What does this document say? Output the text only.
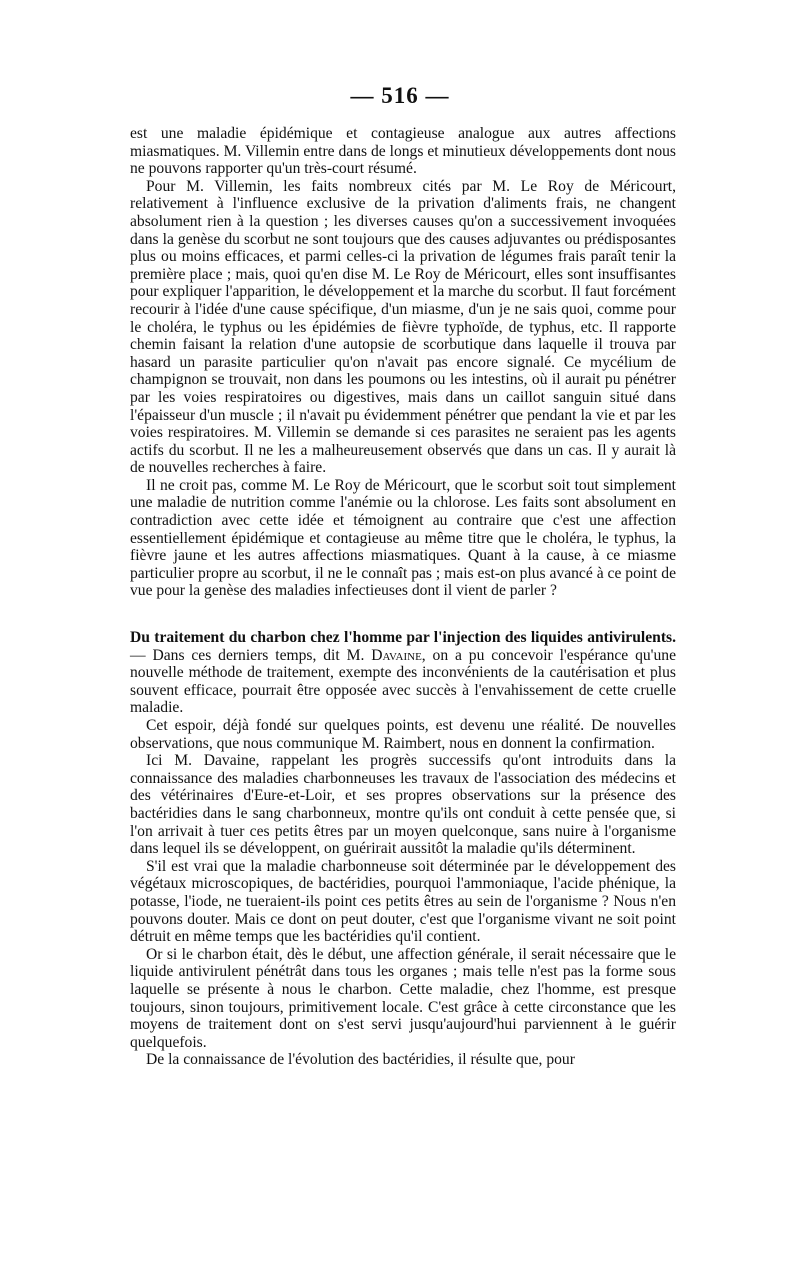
— 516 —

est une maladie épidémique et contagieuse analogue aux autres affections miasmatiques. M. Villemin entre dans de longs et minutieux développements dont nous ne pouvons rapporter qu'un très-court résumé.

Pour M. Villemin, les faits nombreux cités par M. Le Roy de Méricourt, relativement à l'influence exclusive de la privation d'aliments frais, ne changent absolument rien à la question ; les diverses causes qu'on a successivement invoquées dans la genèse du scorbut ne sont toujours que des causes adjuvantes ou prédisposantes plus ou moins efficaces, et parmi celles-ci la privation de légumes frais paraît tenir la première place ; mais, quoi qu'en dise M. Le Roy de Méricourt, elles sont insuffisantes pour expliquer l'apparition, le développement et la marche du scorbut. Il faut forcément recourir à l'idée d'une cause spécifique, d'un miasme, d'un je ne sais quoi, comme pour le choléra, le typhus ou les épidémies de fièvre typhoïde, de typhus, etc. Il rapporte chemin faisant la relation d'une autopsie de scorbutique dans laquelle il trouva par hasard un parasite particulier qu'on n'avait pas encore signalé. Ce mycélium de champignon se trouvait, non dans les poumons ou les intestins, où il aurait pu pénétrer par les voies respiratoires ou digestives, mais dans un caillot sanguin situé dans l'épaisseur d'un muscle ; il n'avait pu évidemment pénétrer que pendant la vie et par les voies respiratoires. M. Villemin se demande si ces parasites ne seraient pas les agents actifs du scorbut. Il ne les a malheureusement observés que dans un cas. Il y aurait là de nouvelles recherches à faire.

Il ne croit pas, comme M. Le Roy de Méricourt, que le scorbut soit tout simplement une maladie de nutrition comme l'anémie ou la chlorose. Les faits sont absolument en contradiction avec cette idée et témoignent au contraire que c'est une affection essentiellement épidémique et contagieuse au même titre que le choléra, le typhus, la fièvre jaune et les autres affections miasmatiques. Quant à la cause, à ce miasme particulier propre au scorbut, il ne le connaît pas ; mais est-on plus avancé à ce point de vue pour la genèse des maladies infectieuses dont il vient de parler ?

Du traitement du charbon chez l'homme par l'injection des liquides antivirulents. — Dans ces derniers temps, dit M. Davaine, on a pu concevoir l'espérance qu'une nouvelle méthode de traitement, exempte des inconvénients de la cautérisation et plus souvent efficace, pourrait être opposée avec succès à l'envahissement de cette cruelle maladie.

Cet espoir, déjà fondé sur quelques points, est devenu une réalité. De nouvelles observations, que nous communique M. Raimbert, nous en donnent la confirmation.

Ici M. Davaine, rappelant les progrès successifs qu'ont introduits dans la connaissance des maladies charbonneuses les travaux de l'association des médecins et des vétérinaires d'Eure-et-Loir, et ses propres observations sur la présence des bactéridies dans le sang charbonneux, montre qu'ils ont conduit à cette pensée que, si l'on arrivait à tuer ces petits êtres par un moyen quelconque, sans nuire à l'organisme dans lequel ils se développent, on guérirait aussitôt la maladie qu'ils déterminent.

S'il est vrai que la maladie charbonneuse soit déterminée par le développement des végétaux microscopiques, de bactéridies, pourquoi l'ammoniaque, l'acide phénique, la potasse, l'iode, ne tueraient-ils point ces petits êtres au sein de l'organisme ? Nous n'en pouvons douter. Mais ce dont on peut douter, c'est que l'organisme vivant ne soit point détruit en même temps que les bactéridies qu'il contient.

Or si le charbon était, dès le début, une affection générale, il serait nécessaire que le liquide antivirulent pénétrât dans tous les organes ; mais telle n'est pas la forme sous laquelle se présente à nous le charbon. Cette maladie, chez l'homme, est presque toujours, sinon toujours, primitivement locale. C'est grâce à cette circonstance que les moyens de traitement dont on s'est servi jusqu'aujourd'hui parviennent à le guérir quelquefois.

De la connaissance de l'évolution des bactéridies, il résulte que, pour
